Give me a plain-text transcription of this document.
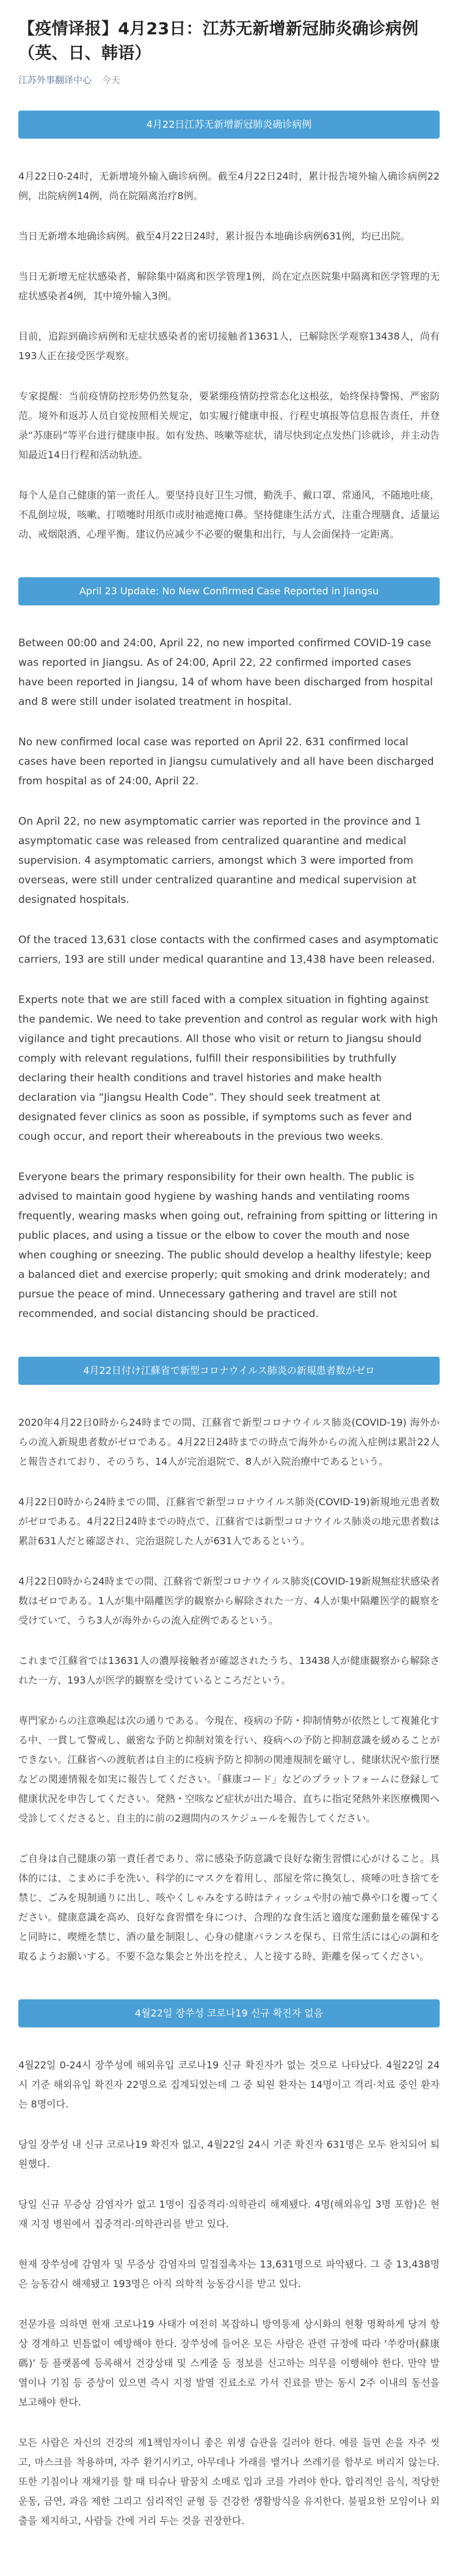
【疫情译报】4月23日：江苏无新增新冠肺炎确诊病例（英、日、韩语）
江苏外事翻译中心 今天
4月22日江苏无新增新冠肺炎确诊病例

4月22日0-24时，无新增境外输入确诊病例。截至4月22日24时，累计报告境外输入确诊病例22例，出院病例14例，尚在院隔离治疗8例。

当日无新增本地确诊病例。截至4月22日24时，累计报告本地确诊病例631例，均已出院。

当日无新增无症状感染者，解除集中隔离和医学管理1例，尚在定点医院集中隔离和医学管理的无症状感染者4例，其中境外输入3例。

目前，追踪到确诊病例和无症状感染者的密切接触者13631人，已解除医学观察13438人，尚有193人正在接受医学观察。

专家提醒：当前疫情防控形势仍然复杂，要紧绷疫情防控常态化这根弦，始终保持警惕、严密防范。境外和返苏人员自觉按照相关规定，如实履行健康申报、行程史填报等信息报告责任，并登录“苏康码”等平台进行健康申报。如有发热、咳嗽等症状，请尽快到定点发热门诊就诊，并主动告知最近14日行程和活动轨迹。

每个人是自己健康的第一责任人。要坚持良好卫生习惯，勤洗手、戴口罩、常通风，不随地吐痰，不乱倒垃圾，咳嗽、打喷嚏时用纸巾或肘袖遮掩口鼻。坚持健康生活方式，注重合理膳食、适量运动、戒烟限酒、心理平衡。建议仍应减少不必要的聚集和出行，与人会面保持一定距离。

April 23 Update: No New Confirmed Case Reported in Jiangsu

Between 00:00 and 24:00, April 22, no new imported confirmed COVID-19 case was reported in Jiangsu. As of 24:00, April 22, 22 confirmed imported cases have been reported in Jiangsu, 14 of whom have been discharged from hospital and 8 were still under isolated treatment in hospital.

No new confirmed local case was reported on April 22. 631 confirmed local cases have been reported in Jiangsu cumulatively and all have been discharged from hospital as of 24:00, April 22.

On April 22, no new asymptomatic carrier was reported in the province and 1 asymptomatic case was released from centralized quarantine and medical supervision. 4 asymptomatic carriers, amongst which 3 were imported from overseas, were still under centralized quarantine and medical supervision at designated hospitals.

Of the traced 13,631 close contacts with the confirmed cases and asymptomatic carriers, 193 are still under medical quarantine and 13,438 have been released.

Experts note that we are still faced with a complex situation in fighting against the pandemic. We need to take prevention and control as regular work with high vigilance and tight precautions. All those who visit or return to Jiangsu should comply with relevant regulations, fulfill their responsibilities by truthfully declaring their health conditions and travel histories and make health declaration via “Jiangsu Health Code”. They should seek treatment at designated fever clinics as soon as possible, if symptoms such as fever and cough occur, and report their whereabouts in the previous two weeks.

Everyone bears the primary responsibility for their own health. The public is advised to maintain good hygiene by washing hands and ventilating rooms frequently, wearing masks when going out, refraining from spitting or littering in public places, and using a tissue or the elbow to cover the mouth and nose when coughing or sneezing. The public should develop a healthy lifestyle; keep a balanced diet and exercise properly; quit smoking and drink moderately; and pursue the peace of mind. Unnecessary gathering and travel are still not recommended, and social distancing should be practiced.

4月22日付け江蘇省で新型コロナウイルス肺炎の新規患者数がゼロ

2020年4月22日0時から24時までの間、江蘇省で新型コロナウイルス肺炎(COVID-19) 海外からの流入新規患者数がゼロである。4月22日24時までの時点で海外からの流入症例は累計22人と報告されており、そのうち、14人が完治退院で、8人が入院治療中であるという。

4月22日0時から24時までの間、江蘇省で新型コロナウイルス肺炎(COVID-19)新規地元患者数がゼロである。4月22日24時までの時点で、江蘇省では新型コロナウイルス肺炎の地元患者数は累計631人だと確認され、完治退院した人が631人であるという。

4月22日0時から24時までの間、江蘇省で新型コロナウイルス肺炎(COVID-19新規無症状感染者数はゼロである。1人が集中隔離医学的観察から解除された一方、4人が集中隔離医学的観察を受けていて、うち3人が海外からの流入症例であるという。

これまで江蘇省では13631人の濃厚接触者が確認されたうち、13438人が健康観察から解除された一方、193人が医学的観察を受けているところだという。

専門家からの注意喚起は次の通りである。今現在、疫病の予防・抑制情勢が依然として複雑化する中、一貫して警戒し、厳密な予防と抑制対策を行い、疫病への予防と抑制意識を緩めることができない。江蘇省への渡航者は自主的に疫病予防と抑制の関連規制を厳守し、健康状況や旅行歴などの関連情報を如実に報告してください。「蘇康コード」などのプラットフォームに登録して健康状況を申告してください。発熱・空咳など症状が出た場合、直ちに指定発熱外来医療機関へ受診してくださると、自主的に前の2週間内のスケジュールを報告してください。

ご自身は自己健康の第一責任者であり、常に感染予防意識で良好な衛生習慣に心がけること。具体的には、こまめに手を洗い、科学的にマスクを着用し、部屋を常に換気し、痰唾の吐き捨てを禁じ、ごみを規制通りに出し、咳やくしゃみをする時はティッシュや肘の袖で鼻や口を覆ってください。健康意識を高め、良好な食習慣を身につけ、合理的な食生活と適度な運動量を確保すると同時に、喫煙を禁じ、酒の量を制限し、心身の健康バランスを保ち、日常生活には心の調和を取るようお願いする。不要不急な集会と外出を控え、人と接する時、距離を保ってください。

4월22일 장쑤성 코로나19 신규 확진자 없음

4월22일 0-24시 장쑤성에 해외유입 코로나19 신규 확진자가 없는 것으로 나타났다. 4월22일 24시 기준 해외유입 확진자 22명으로 집계되었는데 그 중 퇴원 환자는 14명이고 격리·치료 중인 환자는 8명이다.

당일 장쑤성 내 신규 코로나19 확진자 없고, 4월22일 24시 기준 확진자 631명은 모두 완치되어 퇴원했다.

당일 신규 무증상 감염자가 없고 1명이 집중격리·의학관리 해제됐다. 4명(해외유입 3명 포함)은 현재 지정 병원에서 집중격리·의학관리를 받고 있다.

현재 장쑤성에 감염자 및 무증상 감염자의 밀접접촉자는 13,631명으로 파악됐다. 그 중 13,438명은 능동감시 해제됐고 193명은 아직 의학적 능동감시를 받고 있다.

전문가를 의하면 현재 코로나19 사태가 여전히 복잡하니 방역통제 상시화의 현황 명확하게 당겨 항상 경계하고 빈틈없이 예방해야 한다. 장쑤성에 들어온 모든 사람은 관련 규정에 따라 ‘쑤캉마(蘇康碼)’ 등 플랫폼에 등록해서 건강상태 및 스케줄 등 정보를 신고하는 의무를 이행해야 한다. 만약 발열이나 기침 등 증상이 있으면 즉시 지정 발열 진료소로 가서 진료를 받는 동시 2주 이내의 동선을 보고해야 한다.

모든 사람은 자신의 건강의 제1책임자이니 좋은 위생 습관을 길러야 한다. 예를 들면 손을 자주 씻고, 마스크를 착용하며, 자주 환기시키고, 아무데나 가래를 뱉거나 쓰레기를 함부로 버리지 않는다. 또한 기침이나 재채기를 할 때 티슈나 팔꿈치 소매로 입과 코를 가려야 한다. 합리적인 음식, 적당한 운동, 금연, 과음 제한 그리고 심리적인 균형 등 건강한 생활방식을 유지한다. 불필요한 모임이나 외출을 제지하고, 사람들 간에 거리 두는 것을 권장한다.
